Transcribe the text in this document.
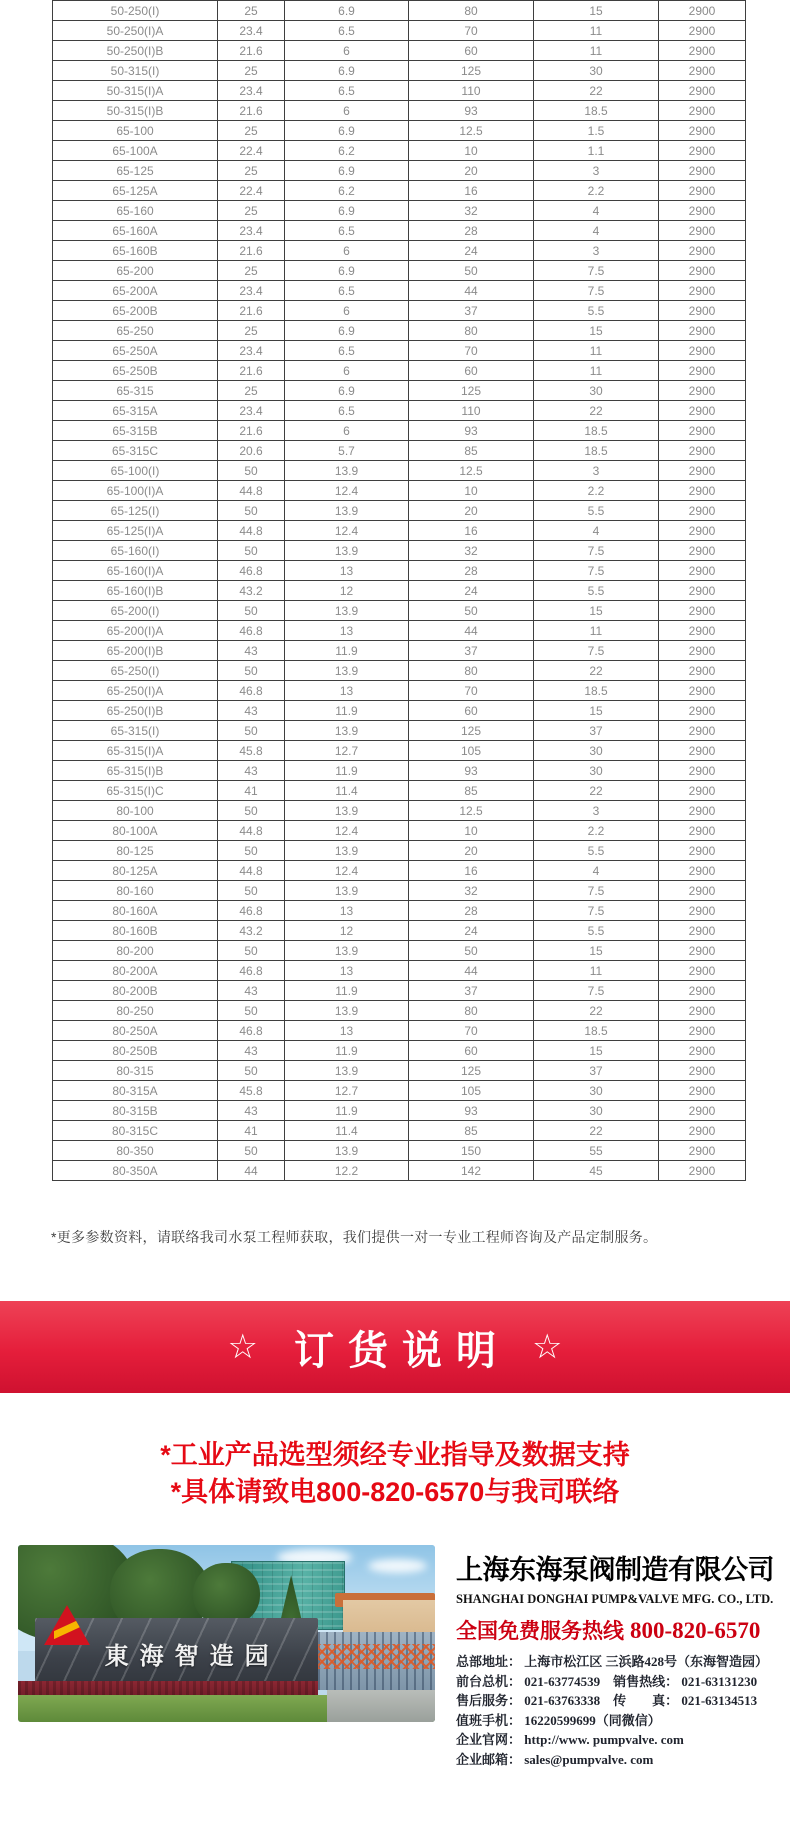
50-250(I)	25	6.9	80	15	2900
50-250(I)A	23.4	6.5	70	11	2900
50-250(I)B	21.6	6	60	11	2900
50-315(I)	25	6.9	125	30	2900
50-315(I)A	23.4	6.5	110	22	2900
50-315(I)B	21.6	6	93	18.5	2900
65-100	25	6.9	12.5	1.5	2900
65-100A	22.4	6.2	10	1.1	2900
65-125	25	6.9	20	3	2900
65-125A	22.4	6.2	16	2.2	2900
65-160	25	6.9	32	4	2900
65-160A	23.4	6.5	28	4	2900
65-160B	21.6	6	24	3	2900
65-200	25	6.9	50	7.5	2900
65-200A	23.4	6.5	44	7.5	2900
65-200B	21.6	6	37	5.5	2900
65-250	25	6.9	80	15	2900
65-250A	23.4	6.5	70	11	2900
65-250B	21.6	6	60	11	2900
65-315	25	6.9	125	30	2900
65-315A	23.4	6.5	110	22	2900
65-315B	21.6	6	93	18.5	2900
65-315C	20.6	5.7	85	18.5	2900
65-100(I)	50	13.9	12.5	3	2900
65-100(I)A	44.8	12.4	10	2.2	2900
65-125(I)	50	13.9	20	5.5	2900
65-125(I)A	44.8	12.4	16	4	2900
65-160(I)	50	13.9	32	7.5	2900
65-160(I)A	46.8	13	28	7.5	2900
65-160(I)B	43.2	12	24	5.5	2900
65-200(I)	50	13.9	50	15	2900
65-200(I)A	46.8	13	44	11	2900
65-200(I)B	43	11.9	37	7.5	2900
65-250(I)	50	13.9	80	22	2900
65-250(I)A	46.8	13	70	18.5	2900
65-250(I)B	43	11.9	60	15	2900
65-315(I)	50	13.9	125	37	2900
65-315(I)A	45.8	12.7	105	30	2900
65-315(I)B	43	11.9	93	30	2900
65-315(I)C	41	11.4	85	22	2900
80-100	50	13.9	12.5	3	2900
80-100A	44.8	12.4	10	2.2	2900
80-125	50	13.9	20	5.5	2900
80-125A	44.8	12.4	16	4	2900
80-160	50	13.9	32	7.5	2900
80-160A	46.8	13	28	7.5	2900
80-160B	43.2	12	24	5.5	2900
80-200	50	13.9	50	15	2900
80-200A	46.8	13	44	11	2900
80-200B	43	11.9	37	7.5	2900
80-250	50	13.9	80	22	2900
80-250A	46.8	13	70	18.5	2900
80-250B	43	11.9	60	15	2900
80-315	50	13.9	125	37	2900
80-315A	45.8	12.7	105	30	2900
80-315B	43	11.9	93	30	2900
80-315C	41	11.4	85	22	2900
80-350	50	13.9	150	55	2900
80-350A	44	12.2	142	45	2900
*更多参数资料，请联络我司水泵工程师获取，我们提供一对一专业工程师咨询及产品定制服务。
☆ 订货说明 ☆
*工业产品选型须经专业指导及数据支持
*具体请致电800-820-6570与我司联络
東海智造园
上海东海泵阀制造有限公司
SHANGHAI DONGHAI PUMP&VALVE MFG. CO., LTD.
全国免费服务热线 800-820-6570
总部地址： 上海市松江区 三浜路428号（东海智造园）
前台总机： 021-63774539　销售热线： 021-63131230
售后服务： 021-63763338　传　　真： 021-63134513
值班手机： 16220599699（同微信）
企业官网： http://www. pumpvalve. com
企业邮箱： sales@pumpvalve. com
